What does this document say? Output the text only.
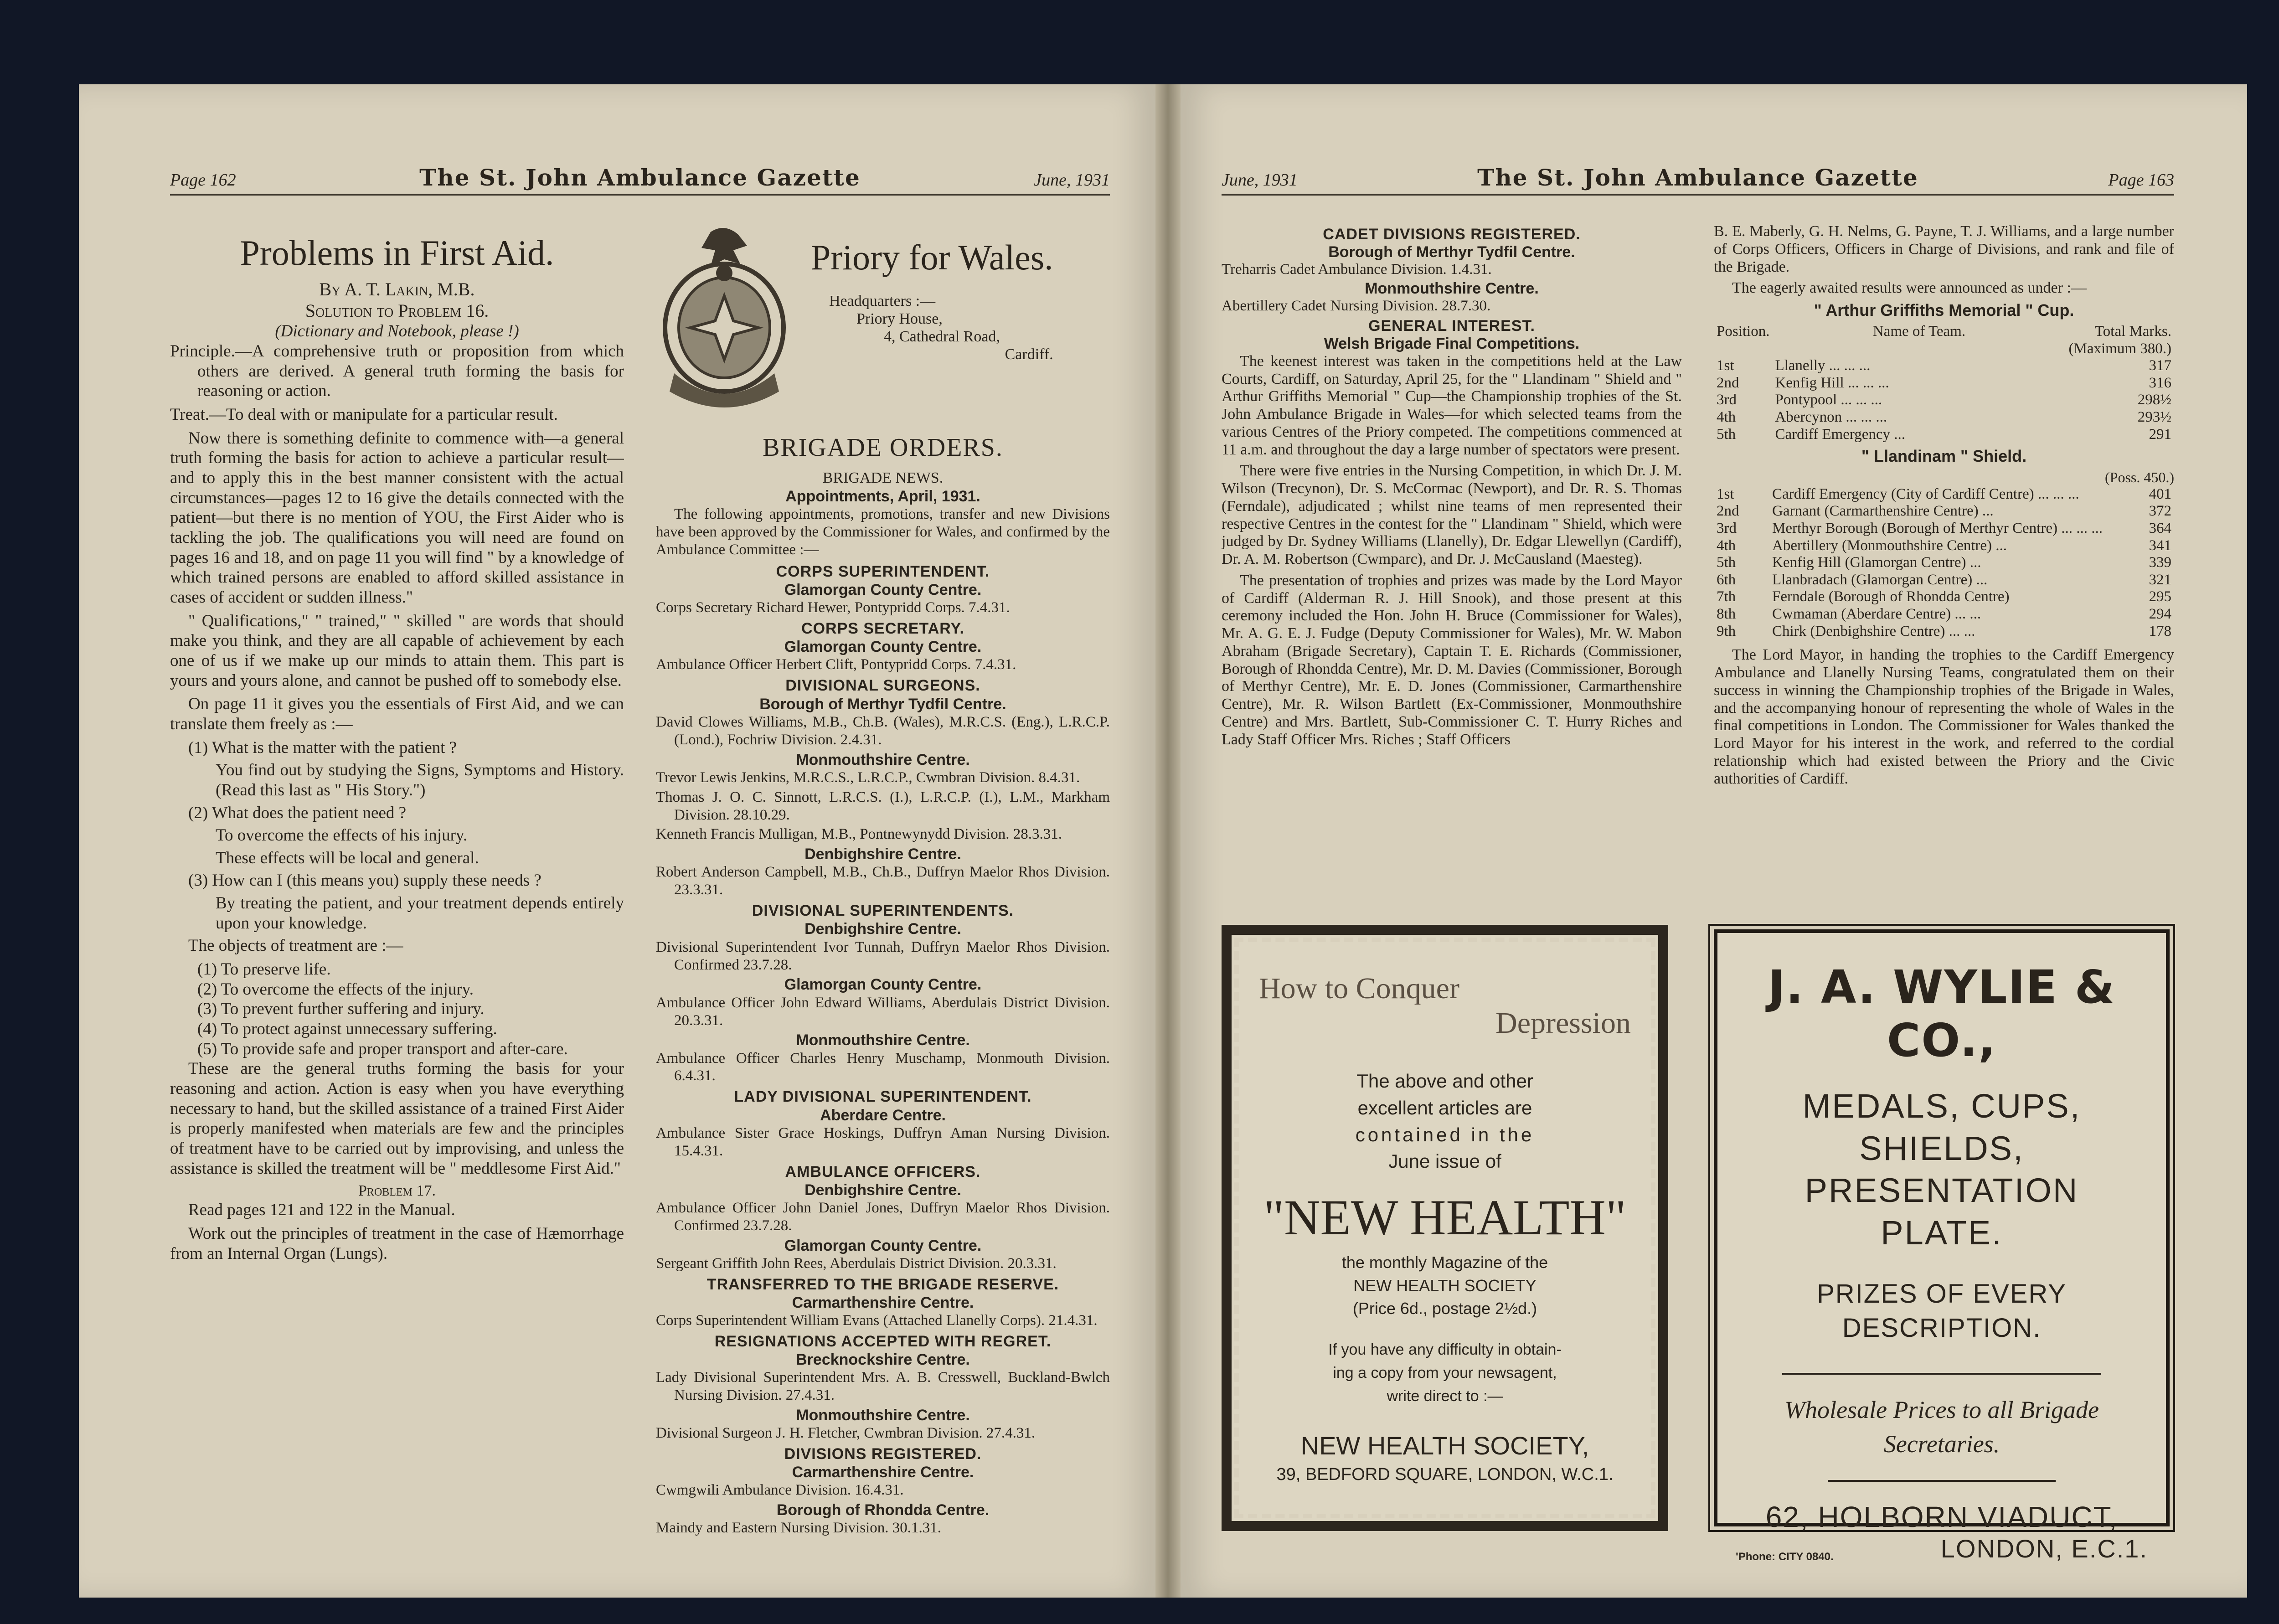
Page 162	The St. John Ambulance Gazette	June, 1931
Problems in First Aid.
By A. T. Lakin, M.B.
Solution to Problem 16.
(Dictionary and Notebook, please !)
Principle.—A comprehensive truth or proposition from which others are derived. A general truth forming the basis for reasoning or action.
Treat.—To deal with or manipulate for a particular result.

Now there is something definite to commence with—a general truth forming the basis for action to achieve a particular result—and to apply this in the best manner consistent with the actual circumstances—pages 12 to 16 give the details connected with the patient—but there is no mention of YOU, the First Aider who is tackling the job. The qualifications you will need are found on pages 16 and 18, and on page 11 you will find " by a knowledge of which trained persons are enabled to afford skilled assistance in cases of accident or sudden illness."

" Qualifications," " trained," " skilled " are words that should make you think, and they are all capable of achievement by each one of us if we make up our minds to attain them. This part is yours and yours alone, and cannot be pushed off to somebody else.

On page 11 it gives you the essentials of First Aid, and we can translate them freely as :—

(1) What is the matter with the patient ?
You find out by studying the Signs, Symptoms and History. (Read this last as " His Story.")
(2) What does the patient need ?
To overcome the effects of his injury.
These effects will be local and general.
(3) How can I (this means you) supply these needs ?
By treating the patient, and your treatment depends entirely upon your knowledge.

The objects of treatment are :—

(1) To preserve life.
(2) To overcome the effects of the injury.
(3) To prevent further suffering and injury.
(4) To protect against unnecessary suffering.
(5) To provide safe and proper transport and after-care.

These are the general truths forming the basis for your reasoning and action. Action is easy when you have everything necessary to hand, but the skilled assistance of a trained First Aider is properly manifested when materials are few and the principles of treatment have to be carried out by improvising, and unless the assistance is skilled the treatment will be " meddlesome First Aid."

Problem 17.

Read pages 121 and 122 in the Manual.

Work out the principles of treatment in the case of Hæmorrhage from an Internal Organ (Lungs).

Priory for Wales.
Headquarters :—
Priory House,
4, Cathedral Road,
Cardiff.
BRIGADE ORDERS.
BRIGADE NEWS.
Appointments, April, 1931.

The following appointments, promotions, transfer and new Divisions have been approved by the Commissioner for Wales, and confirmed by the Ambulance Committee :—

CORPS SUPERINTENDENT.
Glamorgan County Centre.
Corps Secretary Richard Hewer, Pontypridd Corps. 7.4.31.
CORPS SECRETARY.
Glamorgan County Centre.
Ambulance Officer Herbert Clift, Pontypridd Corps. 7.4.31.
DIVISIONAL SURGEONS.
Borough of Merthyr Tydfil Centre.
David Clowes Williams, M.B., Ch.B. (Wales), M.R.C.S. (Eng.), L.R.C.P. (Lond.), Fochriw Division. 2.4.31.
Monmouthshire Centre.
Trevor Lewis Jenkins, M.R.C.S., L.R.C.P., Cwmbran Division. 8.4.31.
Thomas J. O. C. Sinnott, L.R.C.S. (I.), L.R.C.P. (I.), L.M., Markham Division. 28.10.29.
Kenneth Francis Mulligan, M.B., Pontnewynydd Division. 28.3.31.
Denbighshire Centre.
Robert Anderson Campbell, M.B., Ch.B., Duffryn Maelor Rhos Division. 23.3.31.
DIVISIONAL SUPERINTENDENTS.
Denbighshire Centre.
Divisional Superintendent Ivor Tunnah, Duffryn Maelor Rhos Division. Confirmed 23.7.28.
Glamorgan County Centre.
Ambulance Officer John Edward Williams, Aberdulais District Division. 20.3.31.
Monmouthshire Centre.
Ambulance Officer Charles Henry Muschamp, Monmouth Division. 6.4.31.
LADY DIVISIONAL SUPERINTENDENT.
Aberdare Centre.
Ambulance Sister Grace Hoskings, Duffryn Aman Nursing Division. 15.4.31.
AMBULANCE OFFICERS.
Denbighshire Centre.
Ambulance Officer John Daniel Jones, Duffryn Maelor Rhos Division. Confirmed 23.7.28.
Glamorgan County Centre.
Sergeant Griffith John Rees, Aberdulais District Division. 20.3.31.
TRANSFERRED TO THE BRIGADE RESERVE.
Carmarthenshire Centre.
Corps Superintendent William Evans (Attached Llanelly Corps). 21.4.31.
RESIGNATIONS ACCEPTED WITH REGRET.
Brecknockshire Centre.
Lady Divisional Superintendent Mrs. A. B. Cresswell, Buckland-Bwlch Nursing Division. 27.4.31.
Monmouthshire Centre.
Divisional Surgeon J. H. Fletcher, Cwmbran Division. 27.4.31.
DIVISIONS REGISTERED.
Carmarthenshire Centre.
Cwmgwili Ambulance Division. 16.4.31.
Borough of Rhondda Centre.
Maindy and Eastern Nursing Division. 30.1.31.
June, 1931	The St. John Ambulance Gazette	Page 163
CADET DIVISIONS REGISTERED.
Borough of Merthyr Tydfil Centre.
Treharris Cadet Ambulance Division. 1.4.31.
Monmouthshire Centre.
Abertillery Cadet Nursing Division. 28.7.30.
GENERAL INTEREST.
Welsh Brigade Final Competitions.

The keenest interest was taken in the competitions held at the Law Courts, Cardiff, on Saturday, April 25, for the " Llandinam " Shield and " Arthur Griffiths Memorial " Cup—the Championship trophies of the St. John Ambulance Brigade in Wales—for which selected teams from the various Centres of the Priory competed. The competitions commenced at 11 a.m. and throughout the day a large number of spectators were present.

There were five entries in the Nursing Competition, in which Dr. J. M. Wilson (Trecynon), Dr. S. McCormac (Newport), and Dr. R. S. Thomas (Ferndale), adjudicated ; whilst nine teams of men represented their respective Centres in the contest for the " Llandinam " Shield, which were judged by Dr. Sydney Williams (Llanelly), Dr. Edgar Llewellyn (Cardiff), Dr. A. M. Robertson (Cwmparc), and Dr. J. McCausland (Maesteg).

The presentation of trophies and prizes was made by the Lord Mayor of Cardiff (Alderman R. J. Hill Snook), and those present at this ceremony included the Hon. John H. Bruce (Commissioner for Wales), Mr. A. G. E. J. Fudge (Deputy Commissioner for Wales), Mr. W. Mabon Abraham (Brigade Secretary), Captain T. E. Richards (Commissioner, Borough of Rhondda Centre), Mr. D. M. Davies (Commissioner, Borough of Merthyr Centre), Mr. E. D. Jones (Commissioner, Carmarthenshire Centre), Mr. R. Wilson Bartlett (Ex-Commissioner, Monmouthshire Centre) and Mrs. Bartlett, Sub-Commissioner C. T. Hurry Riches and Lady Staff Officer Mrs. Riches ; Staff Officers

B. E. Maberly, G. H. Nelms, G. Payne, T. J. Williams, and a large number of Corps Officers, Officers in Charge of Divisions, and rank and file of the Brigade.

The eagerly awaited results were announced as under :—

" Arthur Griffiths Memorial " Cup.
Position.	Name of Team.	Total Marks.
		(Maximum 380.)
1st	Llanelly ... ... ...	317
2nd	Kenfig Hill ... ... ...	316
3rd	Pontypool ... ... ...	298½
4th	Abercynon ... ... ...	293½
5th	Cardiff Emergency ...	291
" Llandinam " Shield.
(Poss. 450.)
1st	Cardiff Emergency (City of Cardiff Centre) ... ... ...	401
2nd	Garnant (Carmarthenshire Centre) ...	372
3rd	Merthyr Borough (Borough of Merthyr Centre) ... ... ...	364
4th	Abertillery (Monmouthshire Centre) ...	341
5th	Kenfig Hill (Glamorgan Centre) ...	339
6th	Llanbradach (Glamorgan Centre) ...	321
7th	Ferndale (Borough of Rhondda Centre)	295
8th	Cwmaman (Aberdare Centre) ... ...	294
9th	Chirk (Denbighshire Centre) ... ...	178

The Lord Mayor, in handing the trophies to the Cardiff Emergency Ambulance and Llanelly Nursing Teams, congratulated them on their success in winning the Championship trophies of the Brigade in Wales, and the accompanying honour of representing the whole of Wales in the final competitions in London. The Commissioner for Wales thanked the Lord Mayor for his interest in the work, and referred to the cordial relationship which had existed between the Priory and the Civic authorities of Cardiff.

How to Conquer
Depression
The above and other
excellent articles are
contained in the
June issue of
"NEW HEALTH"
the monthly Magazine of the
NEW HEALTH SOCIETY
(Price 6d., postage 2½d.)
If you have any difficulty in obtain-
ing a copy from your newsagent,
write direct to :—
NEW HEALTH SOCIETY,
39, BEDFORD SQUARE, LONDON, W.C.1.
J. A. WYLIE & CO.,
MEDALS, CUPS,
SHIELDS,
PRESENTATION
PLATE.
PRIZES OF EVERY
DESCRIPTION.
Wholesale Prices to all Brigade
Secretaries.
62, HOLBORN VIADUCT,
'Phone: CITY 0840.	LONDON, E.C.1.
